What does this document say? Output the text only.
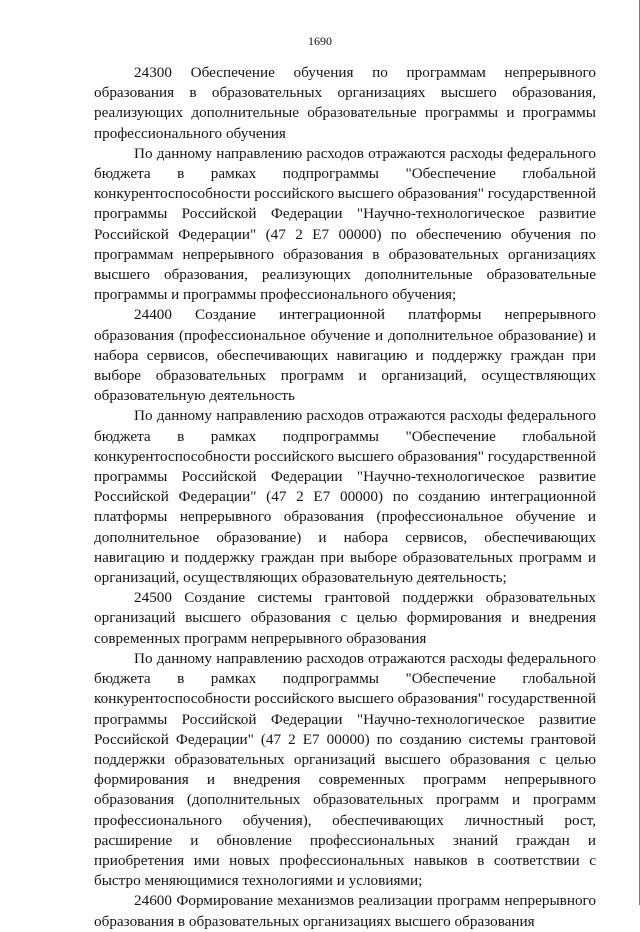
1690

24300 Обеспечение обучения по программам непрерывного образования в образовательных организациях высшего образования, реализующих дополнительные образовательные программы и программы профессионального обучения

По данному направлению расходов отражаются расходы федерального бюджета в рамках подпрограммы "Обеспечение глобальной конкурентоспособности российского высшего образования" государственной программы Российской Федерации "Научно-технологическое развитие Российской Федерации" (47 2 Е7 00000) по обеспечению обучения по программам непрерывного образования в образовательных организациях высшего образования, реализующих дополнительные образовательные программы и программы профессионального обучения;

24400 Создание интеграционной платформы непрерывного образования (профессиональное обучение и дополнительное образование) и набора сервисов, обеспечивающих навигацию и поддержку граждан при выборе образовательных программ и организаций, осуществляющих образовательную деятельность

По данному направлению расходов отражаются расходы федерального бюджета в рамках подпрограммы "Обеспечение глобальной конкурентоспособности российского высшего образования" государственной программы Российской Федерации "Научно-технологическое развитие Российской Федерации" (47 2 Е7 00000) по созданию интеграционной платформы непрерывного образования (профессиональное обучение и дополнительное образование) и набора сервисов, обеспечивающих навигацию и поддержку граждан при выборе образовательных программ и организаций, осуществляющих образовательную деятельность;

24500 Создание системы грантовой поддержки образовательных организаций высшего образования с целью формирования и внедрения современных программ непрерывного образования

По данному направлению расходов отражаются расходы федерального бюджета в рамках подпрограммы "Обеспечение глобальной конкурентоспособности российского высшего образования" государственной программы Российской Федерации "Научно-технологическое развитие Российской Федерации" (47 2 Е7 00000) по созданию системы грантовой поддержки образовательных организаций высшего образования с целью формирования и внедрения современных программ непрерывного образования (дополнительных образовательных программ и программ профессионального обучения), обеспечивающих личностный рост, расширение и обновление профессиональных знаний граждан и приобретения ими новых профессиональных навыков в соответствии с быстро меняющимися технологиями и условиями;

24600 Формирование механизмов реализации программ непрерывного образования в образовательных организациях высшего образования
